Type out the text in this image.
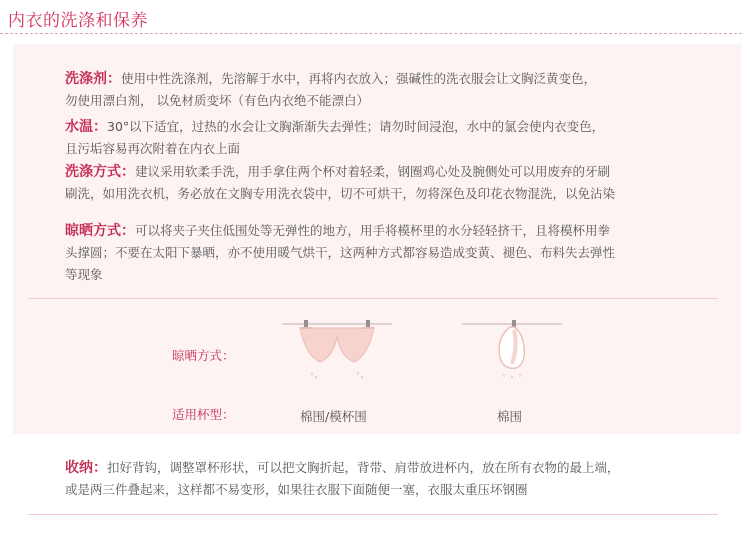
内衣的洗涤和保养
洗涤剂：使用中性洗涤剂，先溶解于水中，再将内衣放入；强碱性的洗衣服会让文胸泛黄变色，
勿使用漂白剂， 以免材质变坏（有色内衣绝不能漂白）
水温：30°以下适宜，过热的水会让文胸渐渐失去弹性；请勿时间浸泡，水中的氯会使内衣变色，
且污垢容易再次附着在内衣上面
洗涤方式：建议采用软柔手洗，用手拿住两个杯对着轻柔，钢圈鸡心处及腕侧处可以用废弃的牙刷
刷洗，如用洗衣机，务必放在文胸专用洗衣袋中，切不可烘干，勿将深色及印花衣物混洗，以免沾染
晾晒方式：可以将夹子夹住低围处等无弹性的地方，用手将模杯里的水分轻轻挤干，且将模杯用拳
头撑圆；不要在太阳下暴晒，亦不使用暖气烘干，这两种方式都容易造成变黄、褪色、布料失去弹性
等现象
晾晒方式：
适用杯型：	棉围/模杯围	棉围
收纳：扣好背钩，调整罩杯形状，可以把文胸折起，背带、肩带放进杯内，放在所有衣物的最上端，
或是两三件叠起来，这样都不易变形，如果往衣服下面随便一塞，衣服太重压坏钢圈
